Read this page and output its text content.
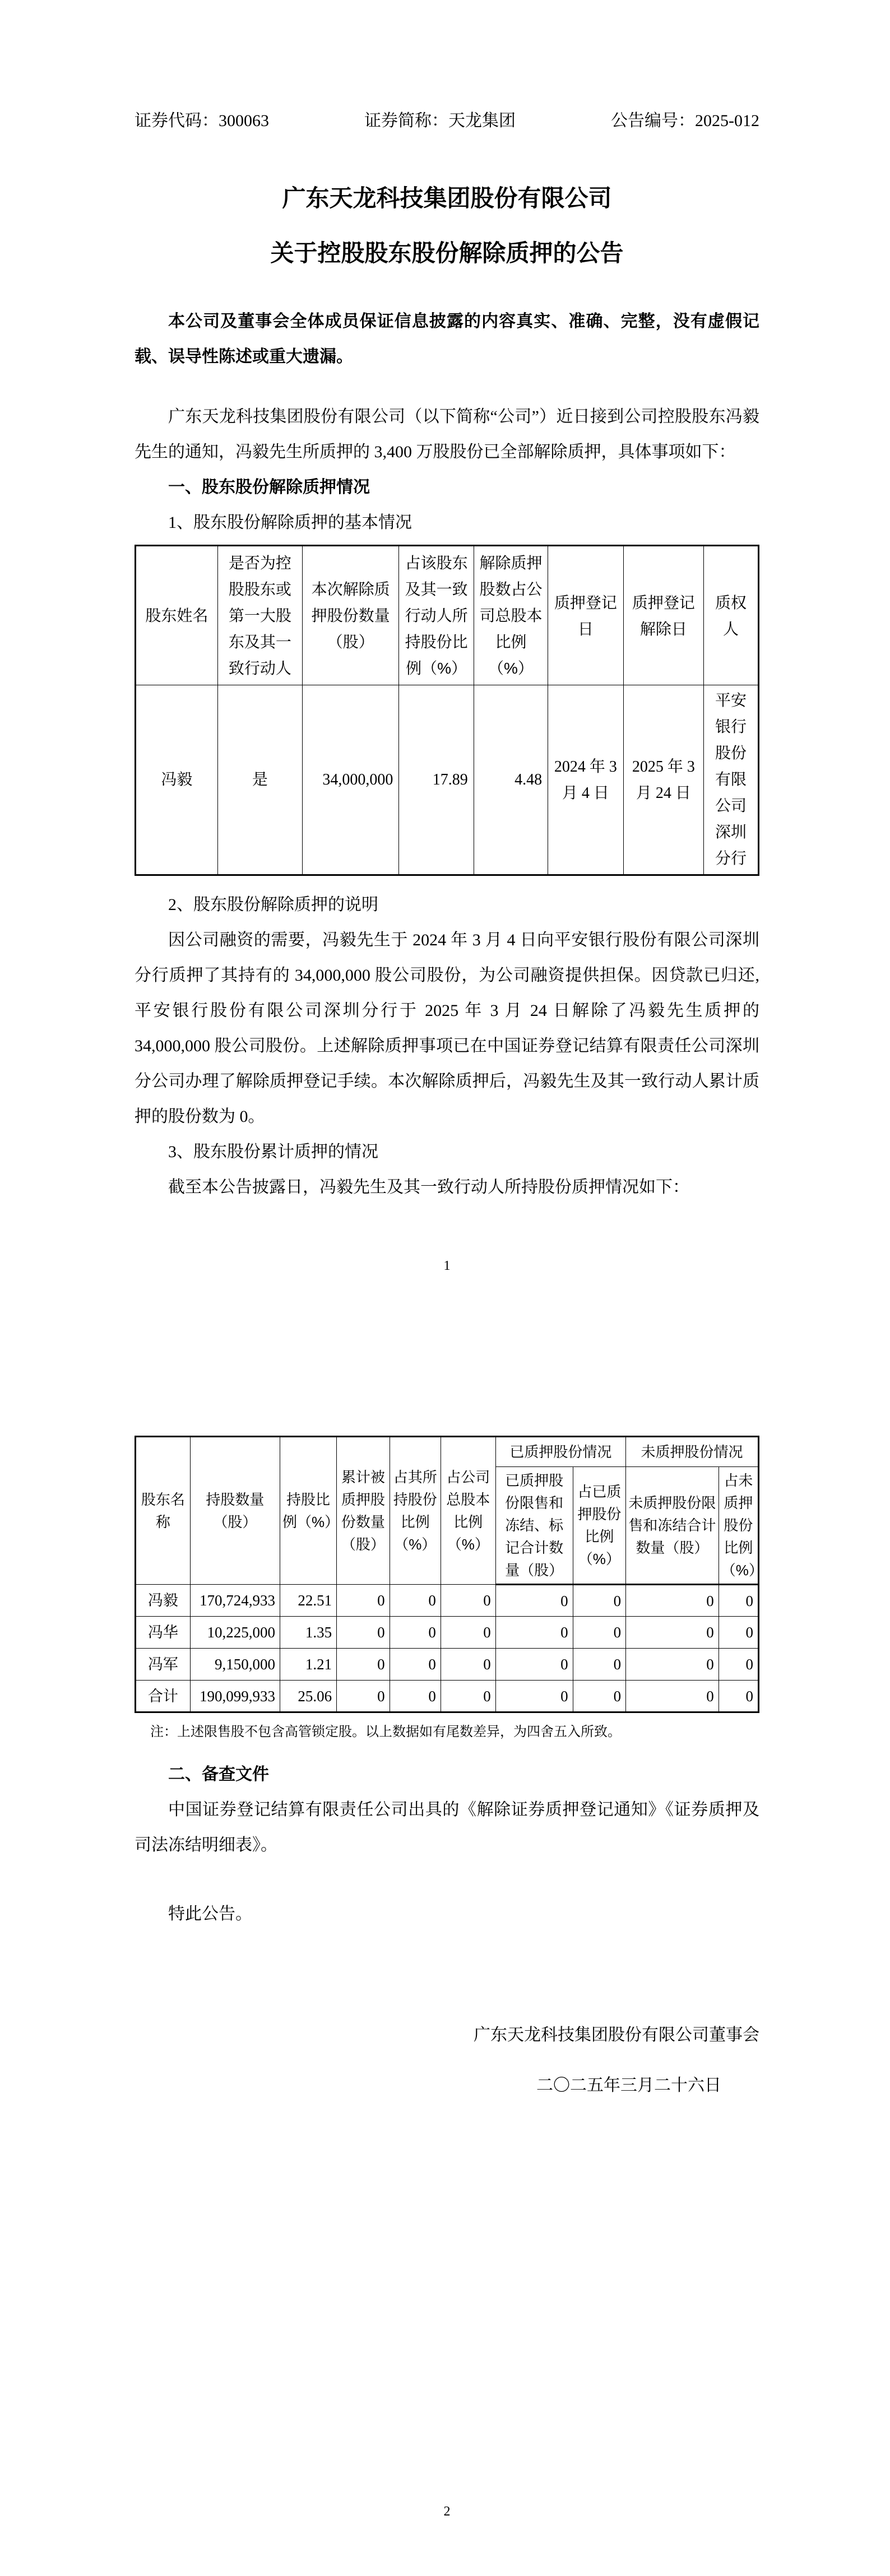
证券代码：300063	证券简称：天龙集团	公告编号：2025-012
广东天龙科技集团股份有限公司
关于控股股东股份解除质押的公告

本公司及董事会全体成员保证信息披露的内容真实、准确、完整，没有虚假记载、误导性陈述或重大遗漏。

广东天龙科技集团股份有限公司（以下简称“公司”）近日接到公司控股股东冯毅先生的通知，冯毅先生所质押的 3,400 万股股份已全部解除质押，具体事项如下：

一、股东股份解除质押情况
1、股东股份解除质押的基本情况
股东姓名	是否为控股股东或第一大股东及其一致行动人	本次解除质押股份数量（股）	占该股东及其一致行动人所持股份比例（%）	解除质押股数占公司总股本比例（%）	质押登记日	质押登记解除日	质权人
冯毅	是	34,000,000	17.89	4.48	2024 年 3 月 4 日	2025 年 3 月 24 日	平安银行股份有限公司深圳分行
2、股东股份解除质押的说明

因公司融资的需要，冯毅先生于 2024 年 3 月 4 日向平安银行股份有限公司深圳分行质押了其持有的 34,000,000 股公司股份，为公司融资提供担保。因贷款已归还,平安银行股份有限公司深圳分行于 2025 年 3 月 24 日解除了冯毅先生质押的 34,000,000 股公司股份。上述解除质押事项已在中国证券登记结算有限责任公司深圳分公司办理了解除质押登记手续。本次解除质押后，冯毅先生及其一致行动人累计质押的股份数为 0。

3、股东股份累计质押的情况

截至本公告披露日，冯毅先生及其一致行动人所持股份质押情况如下：

1
股东名称	持股数量（股）	持股比例（%）	累计被质押股份数量（股）	占其所持股份比例（%）	占公司总股本比例（%）	已质押股份情况		未质押股份情况	
						已质押股份限售和冻结、标记合计数量（股）	占已质押股份比例（%）	未质押股份限售和冻结合计数量（股）	占未质押股份比例（%）
冯毅	170,724,933	22.51	0	0	0	0	0	0	0
冯华	10,225,000	1.35	0	0	0	0	0	0	0
冯军	9,150,000	1.21	0	0	0	0	0	0	0
合计	190,099,933	25.06	0	0	0	0	0	0	0
注：上述限售股不包含高管锁定股。以上数据如有尾数差异，为四舍五入所致。
二、备查文件

中国证券登记结算有限责任公司出具的《解除证券质押登记通知》《证券质押及司法冻结明细表》。

特此公告。

广东天龙科技集团股份有限公司董事会
二〇二五年三月二十六日
2
